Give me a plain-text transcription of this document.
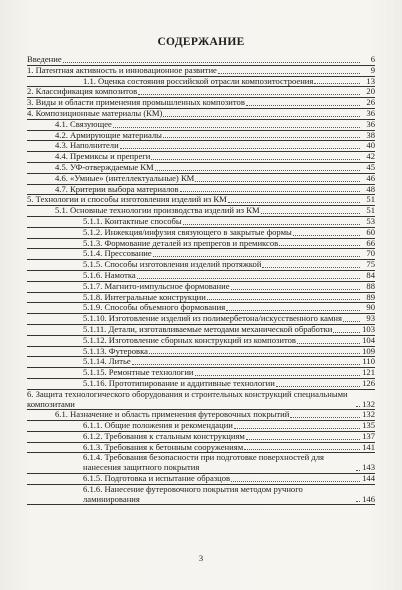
СОДЕРЖАНИЕ
Введение	6
1. Патентная активность и инновационное развитие	9
1.1. Оценка состояния российской отрасли композитостроения	13
2. Классификация композитов	20
3. Виды и области применения промышленных композитов	26
4. Композиционные материалы (КМ)	36
4.1. Связующее	36
4.2. Армирующие материалы	38
4.3. Наполнители	40
4.4. Премиксы и препреги	42
4.5. УФ-отверждаемые КМ	45
4.6. «Умные» (интеллектуальные) КМ	46
4.7. Критерии выбора материалов	48
5. Технологии и способы изготовления изделий из КМ	51
5.1. Основные технологии производства изделий из КМ	51
5.1.1. Контактные способы	53
5.1.2. Инжекция/инфузия связующего в закрытые формы	60
5.1.3. Формование деталей из препрегов и премиксов	66
5.1.4. Прессование	70
5.1.5. Способы изготовления изделий протяжкой	75
5.1.6. Намотка	84
5.1.7. Магнито-импульсное формование	88
5.1.8. Интегральные конструкции	89
5.1.9. Способы объемного формования	90
5.1.10. Изготовление изделий из полимербетона/искусственного камня	93
5.1.11. Детали, изготавливаемые методами механической обработки	103
5.1.12. Изготовление сборных конструкций из композитов	104
5.1.13. Футеровка	109
5.1.14. Литье	110
5.1.15. Ремонтные технологии	121
5.1.16. Прототипирование и аддитивные технологии	126
6. Защита технологического оборудования и строительных конструкций специальными композитами	132
6.1. Назначение и область применения футеровочных покрытий	132
6.1.1. Общие положения и рекомендации	135
6.1.2. Требования к стальным конструкциям	137
6.1.3. Требования к бетонным сооружениям	141
6.1.4. Требования безопасности при подготовке поверхностей для нанесения защитного покрытия	143
6.1.5. Подготовка и испытание образцов	144
6.1.6. Нанесение футеровочного покрытия методом ручного ламинирования	146
3
